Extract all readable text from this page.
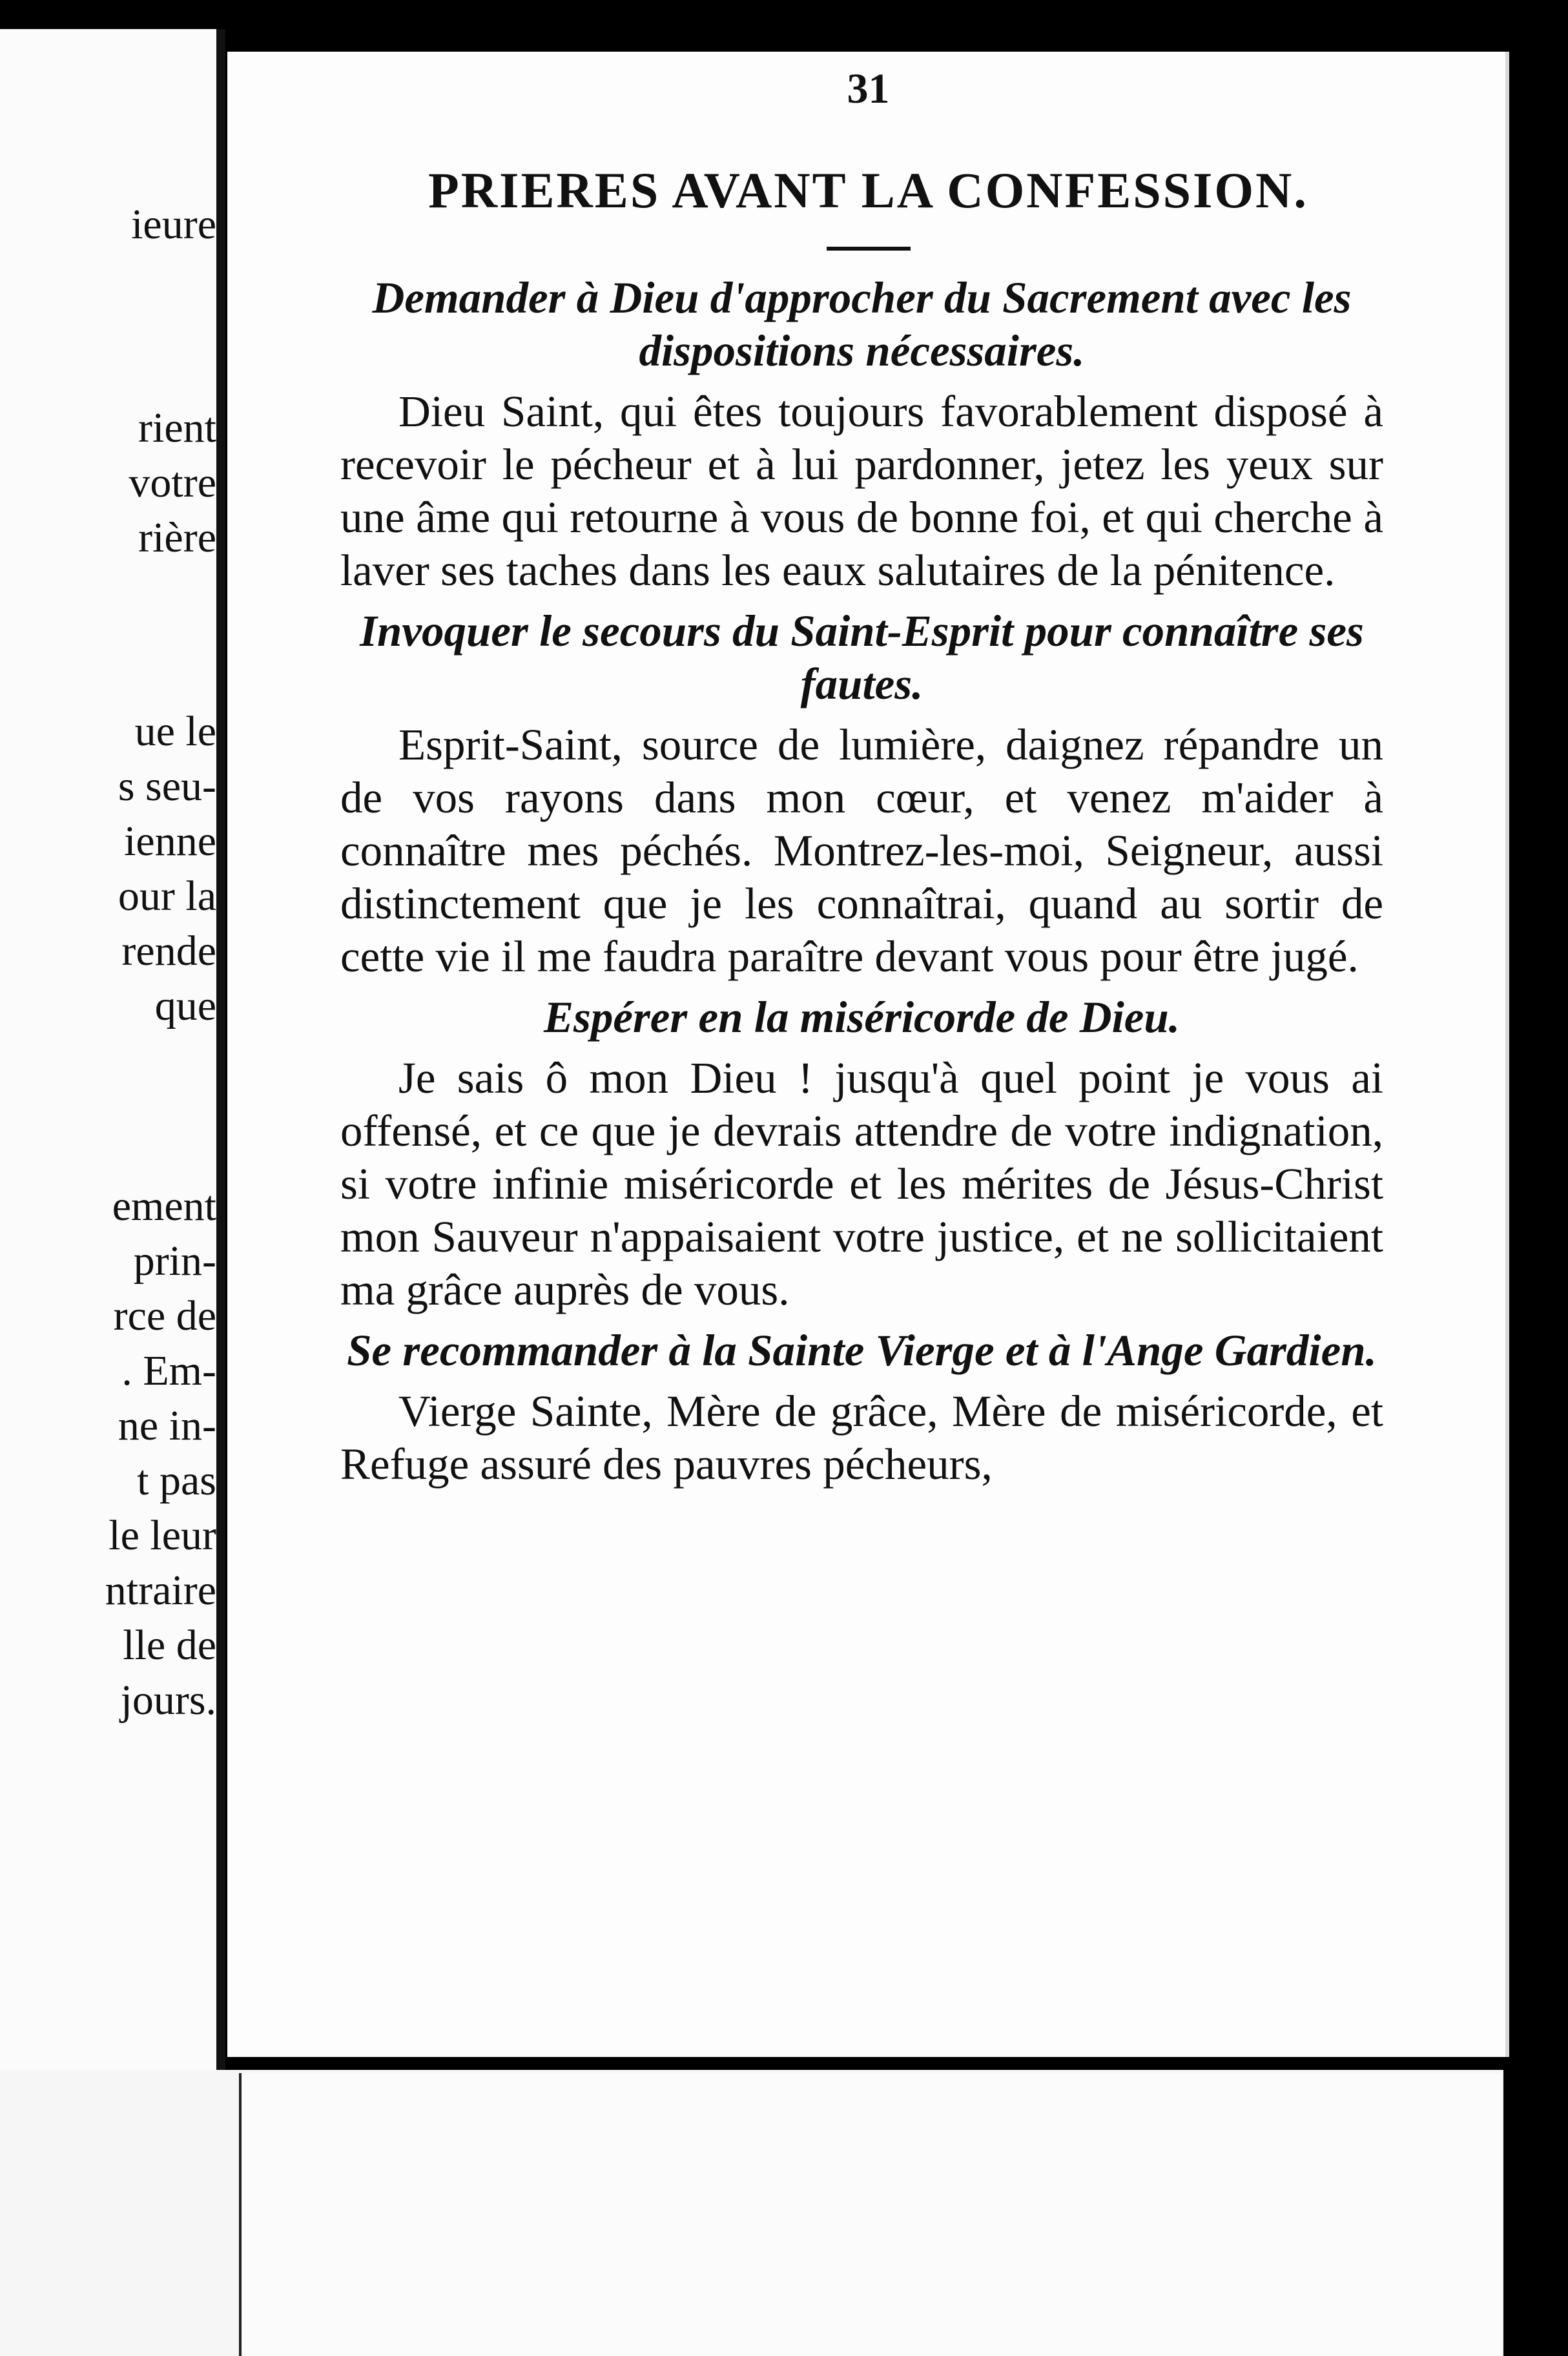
ieure
rient
votre
rière
ue le
s seu-
ienne
our la
rende
que
ement
prin-
rce de
. Em-
ne in-
t pas
le leur
ntraire
lle de
jours.
31
PRIERES AVANT LA CONFESSION.

Demander à Dieu d'approcher du Sacrement avec les dispositions nécessaires.

Dieu Saint, qui êtes toujours favorablement disposé à recevoir le pécheur et à lui pardonner, jetez les yeux sur une âme qui retourne à vous de bonne foi, et qui cherche à laver ses taches dans les eaux salutaires de la pénitence.

Invoquer le secours du Saint-Esprit pour connaître ses fautes.

Esprit-Saint, source de lumière, daignez répandre un de vos rayons dans mon cœur, et venez m'aider à connaître mes péchés. Montrez-les-moi, Seigneur, aussi distinctement que je les connaîtrai, quand au sortir de cette vie il me faudra paraître devant vous pour être jugé.

Espérer en la miséricorde de Dieu.

Je sais ô mon Dieu ! jusqu'à quel point je vous ai offensé, et ce que je devrais attendre de votre indignation, si votre infinie miséricorde et les mérites de Jésus-Christ mon Sauveur n'appaisaient votre justice, et ne sollicitaient ma grâce auprès de vous.

Se recommander à la Sainte Vierge et à l'Ange Gardien.

Vierge Sainte, Mère de grâce, Mère de miséricorde, et Refuge assuré des pauvres pécheurs,
